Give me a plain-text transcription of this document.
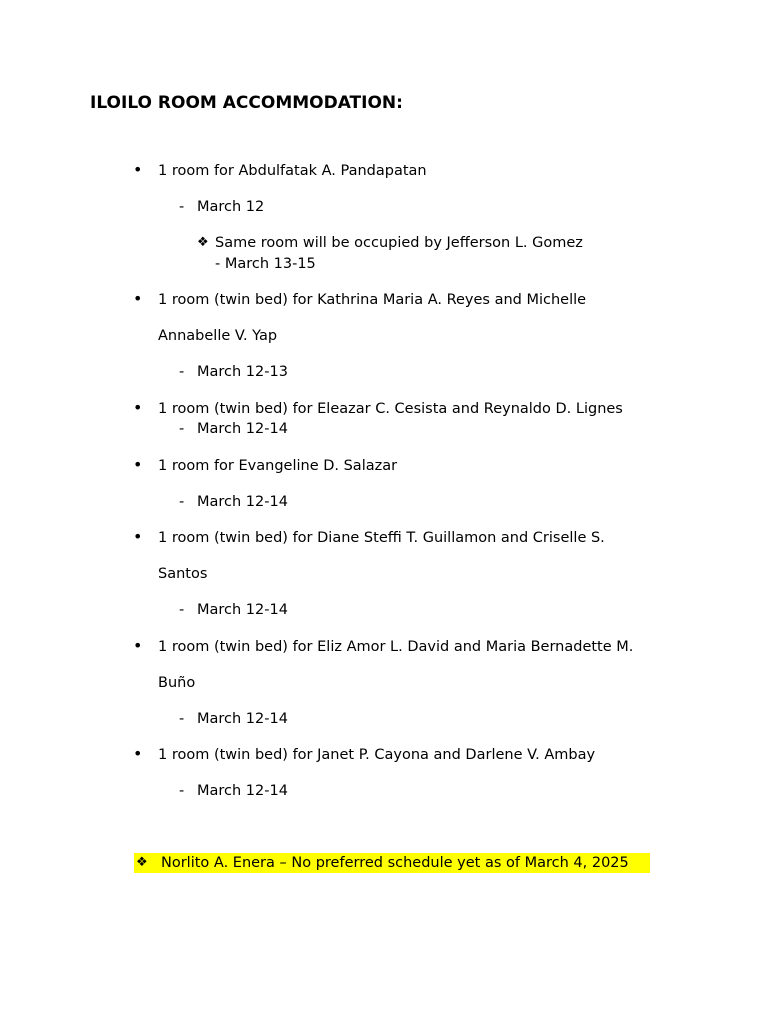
ILOILO ROOM ACCOMMODATION:
• 1 room for Abdulfatak A. Pandapatan
- March 12
❖ Same room will be occupied by Jefferson L. Gomez
- March 13-15
• 1 room (twin bed) for Kathrina Maria A. Reyes and Michelle
Annabelle V. Yap
- March 12-13
• 1 room (twin bed) for Eleazar C. Cesista and Reynaldo D. Lignes
- March 12-14
• 1 room for Evangeline D. Salazar
- March 12-14
• 1 room (twin bed) for Diane Steffi T. Guillamon and Criselle S.
Santos
- March 12-14
• 1 room (twin bed) for Eliz Amor L. David and Maria Bernadette M.
Buño
- March 12-14
• 1 room (twin bed) for Janet P. Cayona and Darlene V. Ambay
- March 12-14
❖ Norlito A. Enera – No preferred schedule yet as of March 4, 2025
